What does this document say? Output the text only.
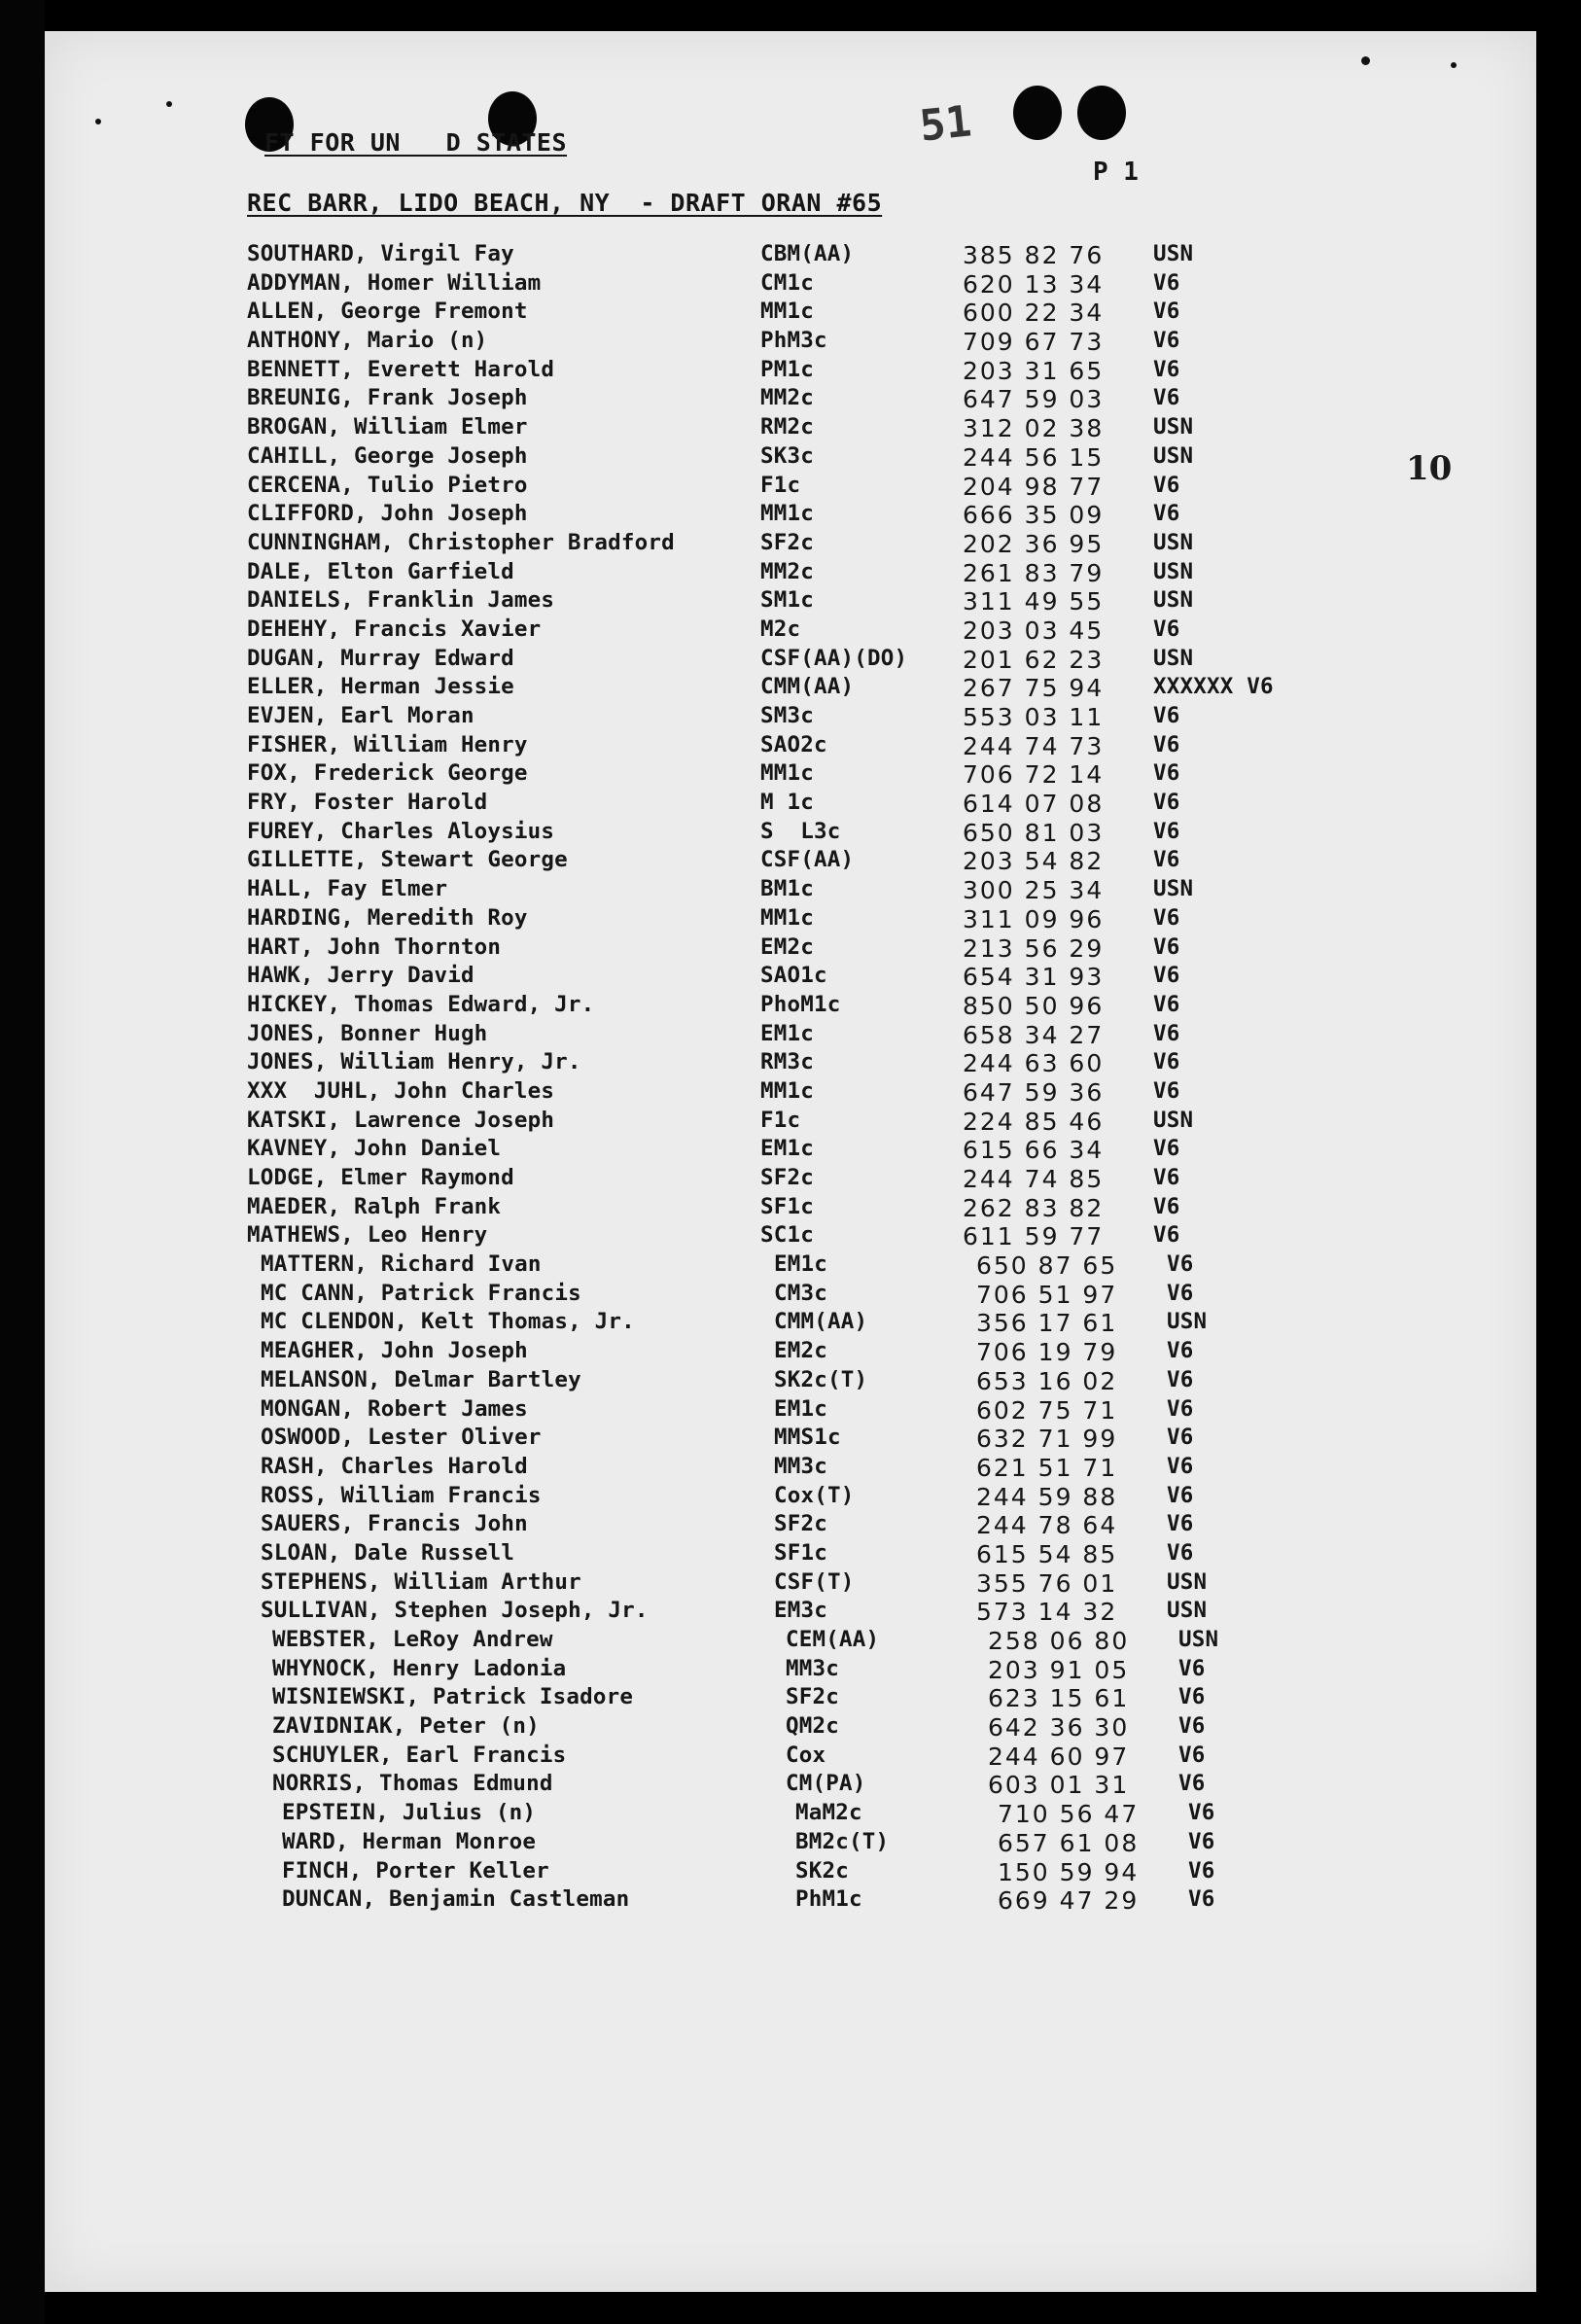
51
FT FOR UN   D STATES
P 1
REC BARR, LIDO BEACH, NY  - DRAFT ORAN #65
10
SOUTHARD, Virgil Fay	CBM(AA)	385 82 76 USN
ADDYMAN, Homer William	CM1c	620 13 34 V6
ALLEN, George Fremont	MM1c	600 22 34 V6
ANTHONY, Mario (n)	PhM3c	709 67 73 V6
BENNETT, Everett Harold	PM1c	203 31 65 V6
BREUNIG, Frank Joseph	MM2c	647 59 03 V6
BROGAN, William Elmer	RM2c	312 02 38 USN
CAHILL, George Joseph	SK3c	244 56 15 USN
CERCENA, Tulio Pietro	F1c	204 98 77 V6
CLIFFORD, John Joseph	MM1c	666 35 09 V6
CUNNINGHAM, Christopher Bradford	SF2c	202 36 95 USN
DALE, Elton Garfield	MM2c	261 83 79 USN
DANIELS, Franklin James	SM1c	311 49 55 USN
DEHEHY, Francis Xavier	M2c	203 03 45 V6
DUGAN, Murray Edward	CSF(AA)(DO) 201 62 23 USN
ELLER, Herman Jessie	CMM(AA)	267 75 94 XXXXXX V6
EVJEN, Earl Moran	SM3c	553 03 11 V6
FISHER, William Henry	SAO2c	244 74 73 V6
FOX, Frederick George	MM1c	706 72 14 V6
FRY, Foster Harold	M 1c	614 07 08 V6
FUREY, Charles Aloysius	S  L3c	650 81 03 V6
GILLETTE, Stewart George	CSF(AA)	203 54 82 V6
HALL, Fay Elmer	BM1c	300 25 34 USN
HARDING, Meredith Roy	MM1c	311 09 96 V6
HART, John Thornton	EM2c	213 56 29 V6
HAWK, Jerry David	SAO1c	654 31 93 V6
HICKEY, Thomas Edward, Jr.	PhoM1c	850 50 96 V6
JONES, Bonner Hugh	EM1c	658 34 27 V6
JONES, William Henry, Jr.	RM3c	244 63 60 V6
XXX  JUHL, John Charles	MM1c	647 59 36 V6
KATSKI, Lawrence Joseph	F1c	224 85 46 USN
KAVNEY, John Daniel	EM1c	615 66 34 V6
LODGE, Elmer Raymond	SF2c	244 74 85 V6
MAEDER, Ralph Frank	SF1c	262 83 82 V6
MATHEWS, Leo Henry	SC1c	611 59 77 V6
MATTERN, Richard Ivan	EM1c	650 87 65 V6
MC CANN, Patrick Francis	CM3c	706 51 97 V6
MC CLENDON, Kelt Thomas, Jr.	CMM(AA)	356 17 61 USN
MEAGHER, John Joseph	EM2c	706 19 79 V6
MELANSON, Delmar Bartley	SK2c(T)	653 16 02 V6
MONGAN, Robert James	EM1c	602 75 71 V6
OSWOOD, Lester Oliver	MMS1c	632 71 99 V6
RASH, Charles Harold	MM3c	621 51 71 V6
ROSS, William Francis	Cox(T)	244 59 88 V6
SAUERS, Francis John	SF2c	244 78 64 V6
SLOAN, Dale Russell	SF1c	615 54 85 V6
STEPHENS, William Arthur	CSF(T)	355 76 01 USN
SULLIVAN, Stephen Joseph, Jr.	EM3c	573 14 32 USN
WEBSTER, LeRoy Andrew	CEM(AA)	258 06 80 USN
WHYNOCK, Henry Ladonia	MM3c	203 91 05 V6
WISNIEWSKI, Patrick Isadore	SF2c	623 15 61 V6
ZAVIDNIAK, Peter (n)	QM2c	642 36 30 V6
SCHUYLER, Earl Francis	Cox	244 60 97 V6
NORRIS, Thomas Edmund	CM(PA)	603 01 31 V6
EPSTEIN, Julius (n)	MaM2c	710 56 47 V6
WARD, Herman Monroe	BM2c(T)	657 61 08 V6
FINCH, Porter Keller	SK2c	150 59 94 V6
DUNCAN, Benjamin Castleman	PhM1c	669 47 29 V6
